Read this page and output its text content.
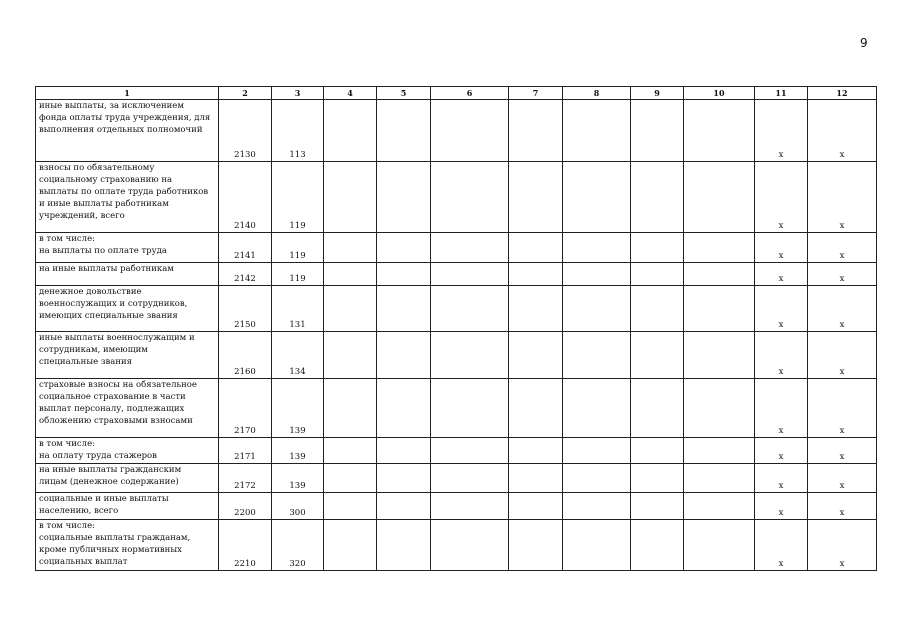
9
1	2	3	4	5	6	7	8	9	10	11	12

иные выплаты, за исключением
фонда оплаты труда учреждения, для
выполнения отдельных полномочий	2130	113								x	x

взносы по обязательному
социальному страхованию на
выплаты по оплате труда работников
и иные выплаты работникам
учреждений, всего	2140	119								x	x

в том числе:
на выплаты по оплате труда	2141	119								x	x

на иные выплаты работникам	2142	119								x	x

денежное довольствие
военнослужащих и сотрудников,
имеющих специальные звания	2150	131								x	x

иные выплаты военнослужащим и
сотрудникам, имеющим
специальные звания	2160	134								x	x

страховые взносы на обязательное
социальное страхование в части
выплат персоналу, подлежащих
обложению страховыми взносами	2170	139								x	x

в том числе:
на оплату труда стажеров	2171	139								x	x

на иные выплаты гражданским
лицам (денежное содержание)	2172	139								x	x

социальные и иные выплаты
населению, всего	2200	300								x	x

в том числе:
социальные выплаты гражданам,
кроме публичных нормативных
социальных выплат	2210	320								x	x
